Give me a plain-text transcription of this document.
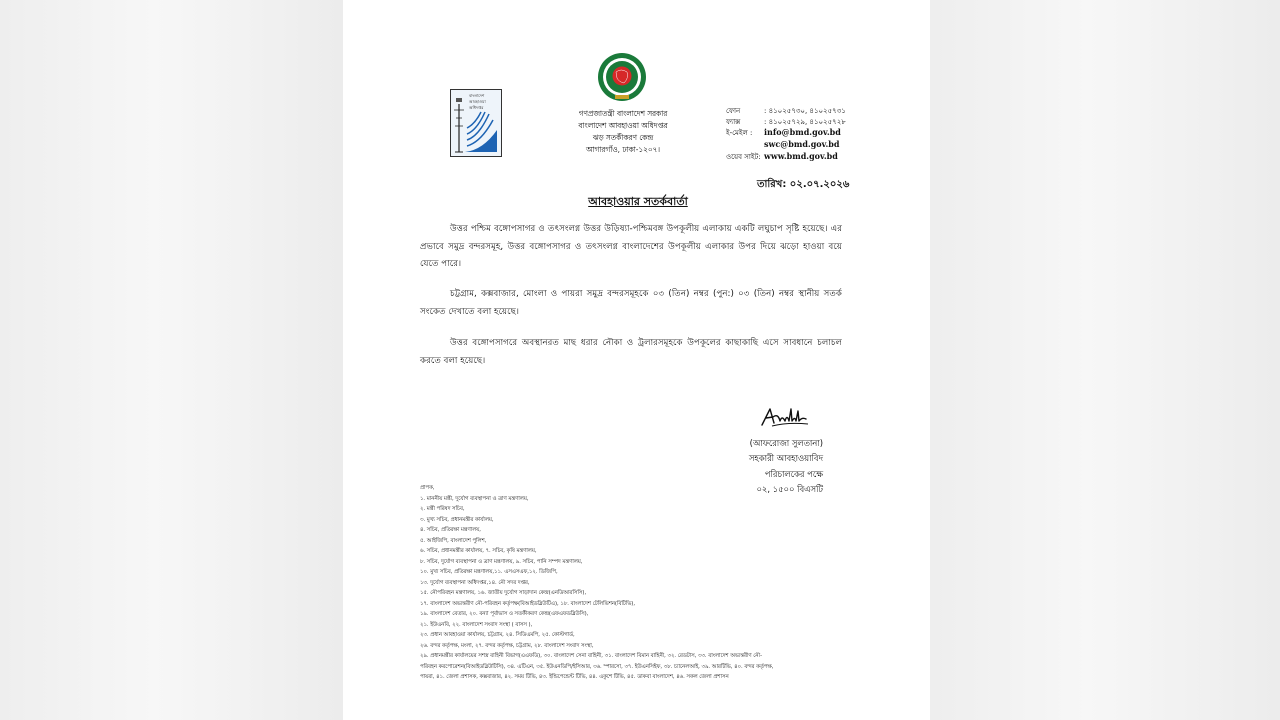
বাংলাদেশ
আবহাওয়া
অধিদপ্তর
গণপ্রজাতন্ত্রী বাংলাদেশ সরকার
বাংলাদেশ আবহাওয়া অধিদপ্তর
ঝড় সতর্কীকরণ কেন্দ্র
আগারগাঁও, ঢাকা-১২০৭।
ফোন	: ৪১০২৫৭৩০, ৪১০২৫৭৩১
ফ্যাক্স	: ৪১০২৫৭২৯, ৪১০২৫৭২৮
ই-মেইল : info@bmd.gov.bd
swc@bmd.gov.bd
ওয়েব সাইট: www.bmd.gov.bd
তারিখ: ০২.০৭.২০২৬
আবহাওয়ার সতর্কবার্তা
উত্তর পশ্চিম বঙ্গোপসাগর ও তৎসংলগ্ন উত্তর উড়িষ্যা-পশ্চিমবঙ্গ উপকূলীয় এলাকায় একটি লঘুচাপ সৃষ্টি হয়েছে। এর প্রভাবে সমুদ্র বন্দরসমূহ, উত্তর বঙ্গোপসাগর ও তৎসংলগ্ন বাংলাদেশের উপকূলীয় এলাকার উপর দিয়ে ঝড়ো হাওয়া বয়ে যেতে পারে।
চট্টগ্রাম, কক্সবাজার, মোংলা ও পায়রা সমুদ্র বন্দরসমূহকে ০৩ (তিন) নম্বর (পুন:) ০৩ (তিন) নম্বর স্থানীয় সতর্ক সংকেত দেখাতে বলা হয়েছে।
উত্তর বঙ্গোপসাগরে অবস্থানরত মাছ ধরার নৌকা ও ট্রলারসমূহকে উপকূলের কাছাকাছি এসে সাবধানে চলাচল করতে বলা হয়েছে।
(আফরোজা সুলতানা)
সহকারী আবহাওয়াবিদ
পরিচালকের পক্ষে
০২, ১৫০০ বিএসটি
প্রাপক,
১. মাননীয় মন্ত্রী, দুর্যোগ ব্যবস্থাপনা ও ত্রাণ মন্ত্রণালয়,
২. মন্ত্রী পরিষদ সচিব,
৩. মুখ্য সচিব, প্রধানমন্ত্রীর কার্যালয়,
৪. সচিব, প্রতিরক্ষা মন্ত্রণালয়,
৫. আইজিপি, বাংলাদেশ পুলিশ,
৬. সচিব, প্রধানমন্ত্রীর কার্যালয়, ৭. সচিব, কৃষি মন্ত্রণালয়,
৮. সচিব, দুর্যোগ ব্যবস্থাপনা ও ত্রাণ মন্ত্রণালয়, ৯. সচিব, পানি সম্পদ মন্ত্রণালয়,
১০. মুখ্য সচিব, প্রতিরক্ষা মন্ত্রণালয়,১১. এসএসএফ,১২. ডিজিপি,
১৩. দুর্যোগ ব্যবস্থাপনা অধিদপ্তর,১৪. নৌ সদর দপ্তর,
১৫. নৌপরিবহন মন্ত্রণালয়, ১৬. জাতীয় দুর্যোগ সাড়াদান কেন্দ্র(এনডিআরসিসি),
১৭. বাংলাদেশ অভ্যন্তরীণ নৌ-পরিবহন কর্তৃপক্ষ(বিআইডব্লিউটিএ), ১৮. বাংলাদেশ টেলিভিশন(বিটিভি),
১৯. বাংলাদেশ বেতার, ২০. বন্যা পূর্বাভাস ও সতর্কীকরণ কেন্দ্র(এফএফডব্লিউসি),
২১. ইউএনবি, ২২. বাংলাদেশ সংবাদ সংস্থা ( বাসস ),
২৩. প্রধান আবহাওয়া কার্যালয়, চট্টগ্রাম, ২৪. সিডিএমপি, ২৫. কোস্টগার্ড,
২৬. বন্দর কর্তৃপক্ষ, মংলা, ২৭. বন্দর কর্তৃপক্ষ, চট্টগ্রাম, ২৮. বাংলাদেশ সংবাদ সংস্থা,
২৯. প্রধানমন্ত্রীর কার্যালয়ের সশস্ত্র বাহিনী বিভাগ(এএফডি), ৩০. বাংলাদেশ সেনা বাহিনী, ৩১. বাংলাদেশ বিমান বাহিনী, ৩২. রেডটাস, ৩৩. বাংলাদেশ অভ্যন্তরীণ নৌ-
পরিবহন করপোরেশন(বিআইডব্লিউটিসি), ৩৪. এটিএন, ৩৫. ইউএনডিপি/ইসিআর, ৩৬. স্পারসো, ৩৭. ইউএনসিইফ, ৩৮. চ্যানেলআই, ৩৯. আরটিভি, ৪০. বন্দর কর্তৃপক্ষ,
পায়রা, ৪১. জেলা প্রশাসক, কক্সবাজার, ৪২. সময় টিভি, ৪৩. ইন্ডিপেন্ডেন্ট টিভি, ৪৪. একুশে টিভি, ৪৫. ডাকবা বাংলাদেশ, ৪৬. সকল জেলা প্রশাসন
